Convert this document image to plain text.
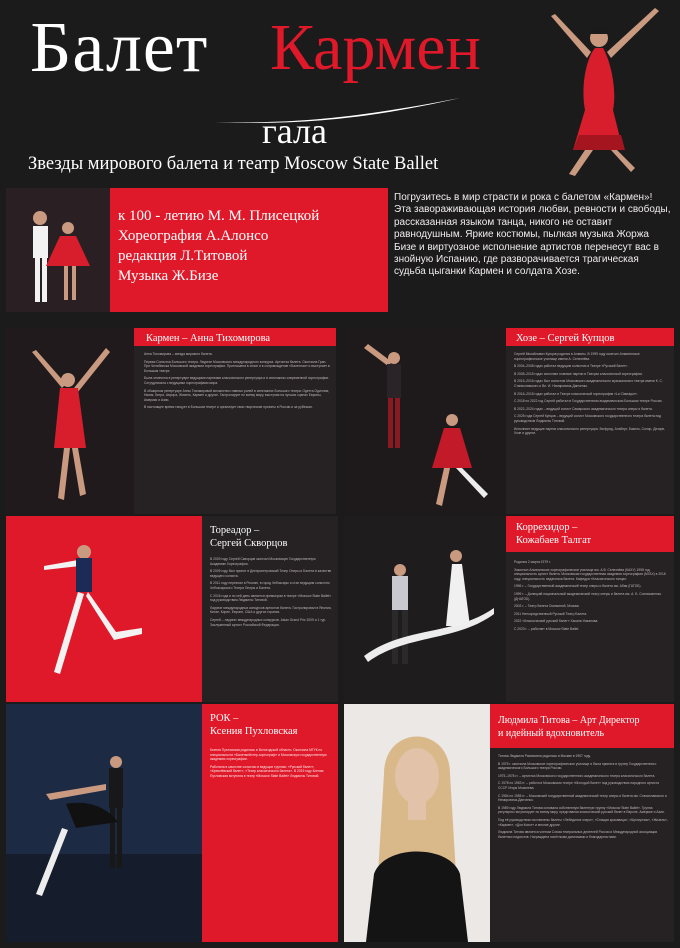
Балет Кармен
гала
Звезды мирового балета и театр Moscow State Ballet
к 100 - летию М. М. Плисецкой
Хореография А.Алонсо
редакция Л.Титовой
Музыка Ж.Бизе
Погрузитесь в мир страсти и рока с балетом «Кармен»! Эта завораживающая история любви, ревности и свободы, рассказанная языком танца, никого не оставит равнодушным. Яркие костюмы, пылкая музыка Жоржа Бизе и виртуозное исполнение артистов перенесут вас в знойную Испанию, где разворачивается трагическая судьба цыганки Кармен и солдата Хозе.
Кармен – Анна Тихомирова

Анна Тихомирова – звезда мирового балета.

Первая Солистка Большого театра. Лауреат Московского международного конкурса. Артистка балета. Окончила Гран-При Челябинска Московской академии хореографии. Приглашена в сезон и в сопровождение «Балетная» и выступает в Большом театре.

Была отмечена в репертуаре ведущими партиями классического репертуара и в спектаклях современной хореографии. Сотрудничала с ведущими хореографами мира.

В обширном репертуаре Анны Тихомировой множество главных ролей в спектаклях Большого театра: Одетта-Одиллия, Никия, Китри, Аврора, Жизель, Кармен и другие. Гастролирует по всему миру, выступая на лучших сценах Европы, Америки и Азии.

В настоящее время танцует в Большом театре и организует свои творческие проекты в России и за рубежом.

Хозе – Сергей Купцов

Сергей Михайлович Купцов родился в Алматы. В 1999 году окончил Алматинское хореографическое училище имени А. Селезнёва.

В 2004–2008 годах работал ведущим солистом в Театре «Русский балет».

В 2008–2015 годах исполнял главные партии в Театрах классической хореографии.

В 2015–2016 годах был солистом Московского академического музыкального театра имени К. С. Станиславского и Вл. И. Немировича-Данченко.

В 2016–2018 годах работал в Театре классической хореографии «La Classique».

С 2018 по 2022 год Сергей работал в Государственном академическом Большом театре России.

В 2022–2024 годах – ведущий солист Самарского академического театра оперы и балета.

С 2025 года Сергей Купцов – ведущий солист Московского государственного театра балета под руководством Людмилы Титовой.

Исполняет ведущие партии классического репертуара: Зигфрид, Альберт, Базиль, Солор, Дезире, Хозе и другие.

Тореадор –
Сергей Скворцов

В 2009 году Сергей Скворцов окончил Московскую Государственную Академию Хореографии.

В 2009 году был принят в Днепропетровский Театр Оперы и Балета в качестве ведущего солиста.

В 2011 году переехал в Россию, в город Чебоксары и стал ведущим солистом Чебоксарского Театра Оперы и Балета.

С 2016 года и по сей день является премьером в театре «Moscow State Ballet» под руководством Людмилы Титовой.

Лауреат международных конкурсов артистов балета. Гастролировал в Японии, Китае, Корее, Европе, США и других странах.

Сергей – лауреат международных конкурсов. Asian Grand Prix 2009 и 1 тур. Заслуженный артист Российской Федерации.

Коррехидор –
Кожабаев Талгат

Родился 2 марта 1979 г.

Закончил Алматинское хореографическое училище им. А.В. Селезнёва (КАХУ) 1998 год, специальность артист балета. Московская государственная академия хореографии (МГАХ) в 2016 году, специальность педагогика балета. Кафедра «Классического танца».

1996 г. – Государственный академический театр оперы и балета им. Абая (ГАТОБ).

1999 г. – Донецкий национальный академический театр оперы и балета им. А. Б. Соловьяненко (ДНАТОБ).

2002 г. – Театр балета Охинкиной, Москва.

2011 Непосредственный Русский Театр Балета.

2022 «Классический русский балет» Хасана Усманова.

С 2023 г. – работает в Moscow State Ballet.

РОК –
Ксения Пухловская

Ксения Пухловская родилась в Вологодской области. Окончила МГУК по специальности «Балетмейстер-хореограф» и Московскую государственную академию хореографии.

Работала в качестве солистки в ведущих труппах: «Русский балет», «Кремлёвский балет», «Театр классического балета». В 2019 году Ксения Пухловская вступила в театр «Moscow State Ballet» Людмилы Титовой.

Людмила Титова – Арт Директор
и идейный вдохновитель

Титова Людмила Рахимовна родилась в Москве в 1957 году.

В 1975 г. окончила Московское хореографическое училище и была принята в труппу Государственного академического Большого театра России.

1975–1978 гг. – артистка Московского государственного академического театра классического балета.

С 1978 по 1983 гг. – работа в Московском театре «Молодой балет» под руководством народного артиста СССР Игоря Моисеева.

С 1984 по 1985 гг. – Московский государственный академический театр оперы и балета им. Станиславского и Немировича-Данченко.

В 1989 году Людмила Титова основала собственную балетную труппу «Moscow State Ballet». Труппа регулярно гастролирует по всему миру, представляя классический русский балет в Европе, Америке и Азии.

Под её руководством поставлены балеты «Лебединое озеро», «Спящая красавица», «Щелкунчик», «Жизель», «Кармен», «Дон Кихот» и многие другие.

Людмила Титова является членом Союза театральных деятелей России и Международной ассоциации балетных педагогов. Награждена почётными дипломами и благодарностями.
